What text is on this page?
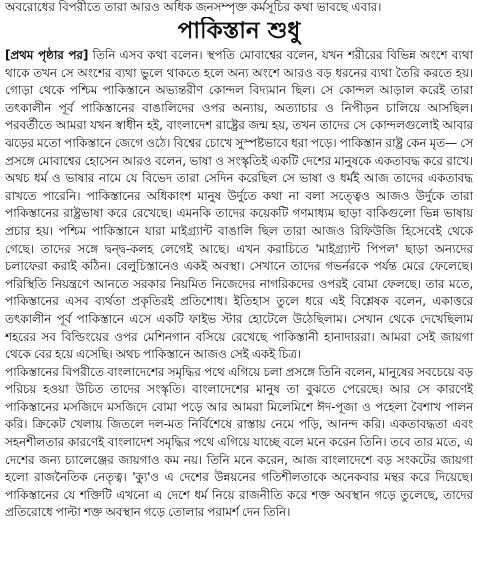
অবরোধের বিপরীতে তারা আরও অধিক জনসম্পৃক্ত কর্মসূচির কথা ভাবছে এবার।

পাকিস্তান শুধু

[প্রথম পৃষ্ঠার পর] তিনি এসব কথা বলেন। স্থপতি মোবাশ্বের বলেন, যখন শরীরের বিভিন্ন অংশে ব্যথা থাকে তখন সে অংশের ব্যথা ভুলে থাকতে হলে অন্য অংশে আরও বড় ধরনের ব্যথা তৈরি করতে হয়। গোড়া থেকে পশ্চিম পাকিস্তানে অভ্যন্তরীণ কোন্দল বিদ্যমান ছিল। সে কোন্দল আড়াল করেই তারা তৎকালীন পূর্ব পাকিস্তানের বাঙালিদের ওপর অন্যায়, অত্যাচার ও নিপীড়ন চালিয়ে আসছিল। পরবর্তীতে আমরা যখন স্বাধীন হই, বাংলাদেশ রাষ্ট্রের জন্ম হয়, তখন তাদের সে কোন্দলগুলোই আবার ঝড়ের মতো পাকিস্তানে জেগে ওঠে। বিশ্বের চোখে সুস্পষ্টভাবে ধরা পড়ে। পাকিস্তান রাষ্ট্র কেন মৃত— সে প্রসঙ্গে মোবাশ্বের হোসেন আরও বলেন, ভাষা ও সংস্কৃতিই একটি দেশের মানুষকে একতাবদ্ধ করে রাখে। অথচ ধর্ম ও ভাষার নামে যে বিভেদ তারা সেদিন করেছিল সে ভাষা ও ধর্মই আজ তাদের একতাবদ্ধ রাখতে পারেনি। পাকিস্তানের অধিকাংশ মানুষ উর্দুতে কথা না বলা সত্ত্বেও আজও উর্দুকে তারা পাকিস্তানের রাষ্ট্রভাষা করে রেখেছে। এমনকি তাদের কয়েকটি গণমাধ্যম ছাড়া বাকিগুলো ভিন্ন ভাষায় প্রচার হয়। পশ্চিম পাকিস্তানে যারা মাইগ্র্যান্ট বাঙালি ছিল তারা আজও রিফিউজি হিসেবেই থেকে গেছে। তাদের সঙ্গে দ্বন্দ্ব-কলহ লেগেই আছে। এখন করাচিতে 'মাইগ্র্যান্ট পিপল' ছাড়া অন্যদের চলাফেরা করাই কঠিন। বেলুচিস্তানেও একই অবস্থা। সেখানে তাদের গভর্নরকে পর্যন্ত মেরে ফেলেছে। পরিস্থিতি নিয়ন্ত্রণে আনতে সরকার নিয়মিত নিজেদের নাগরিকদের ওপরই বোমা ফেলছে। তার মতে, পাকিস্তানের এসব ব্যর্থতা প্রকৃতিরই প্রতিশোধ। ইতিহাস তুলে ধরে এই বিশ্লেষক বলেন, একাত্তরে তৎকালীন পূর্ব পাকিস্তানে এসে একটি ফাইভ স্টার হোটেলে উঠেছিলাম। সেখান থেকে দেখেছিলাম শহরের সব বিল্ডিংয়ের ওপর মেশিনগান বসিয়ে রেখেছে পাকিস্তানী হানাদাররা। আমরা সেই জায়গা থেকে বের হয়ে এসেছি। অথচ পাকিস্তানে আজও সেই একই চিত্র।

পাকিস্তানের বিপরীতে বাংলাদেশের সমৃদ্ধির পথে এগিয়ে চলা প্রসঙ্গে তিনি বলেন, মানুষের সবচেয়ে বড় পরিচয় হওয়া উচিত তাদের সংস্কৃতি। বাংলাদেশের মানুষ তা বুঝতে পেরেছে। আর সে কারণেই পাকিস্তানের মসজিদে মসজিদে বোমা পড়ে আর আমরা মিলেমিশে ঈদ-পূজা ও পহেলা বৈশাখ পালন করি। ক্রিকেট খেলায় জিতলে দল-মত নির্বিশেষে রাস্তায় নেমে পড়ি, আনন্দ করি। একতাবদ্ধতা এবং সহনশীলতার কারণেই বাংলাদেশ সমৃদ্ধির পথে এগিয়ে যাচ্ছে বলে মনে করেন তিনি। তবে তার মতে, এ দেশের জন্য চ্যালেঞ্জের জায়গাও কম নয়। তিনি মনে করেন, আজ বাংলাদেশে বড় সংকটের জায়গা হলো রাজনৈতিক নেতৃত্ব। 'ক্যু'ও এ দেশের উন্নয়নের গতিশীলতাকে অনেকবার মন্থর করে দিয়েছে। পাকিস্তানের যে শক্তিটি এখনো এ দেশে ধর্ম নিয়ে রাজনীতি করে শক্ত অবস্থান গড়ে তুলেছে, তাদের প্রতিরোধে পাল্টা শক্ত অবস্থান গড়ে তোলার পরামর্শ দেন তিনি।
